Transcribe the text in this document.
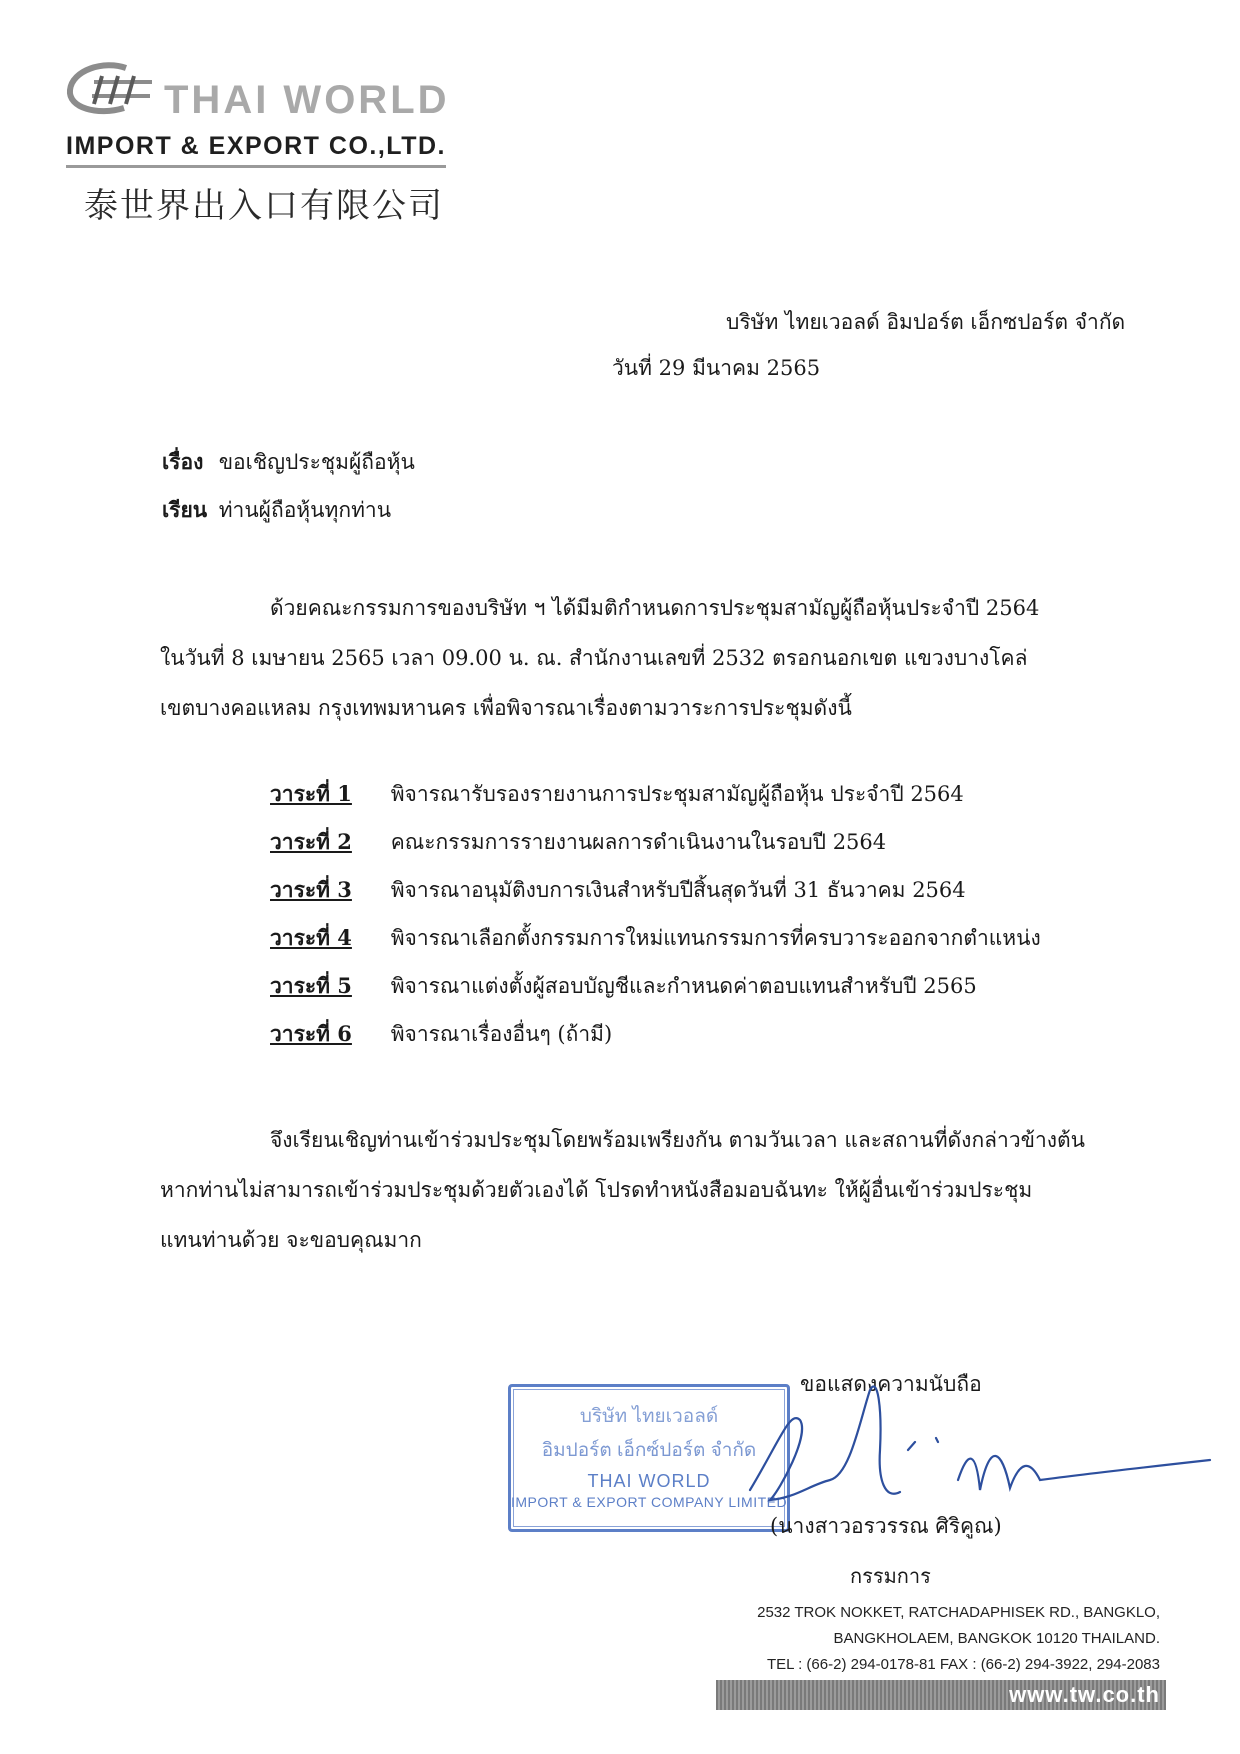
THAI WORLD
IMPORT & EXPORT CO.,LTD.
泰世界出入口有限公司
บริษัท ไทยเวอลด์ อิมปอร์ต เอ็กซปอร์ต จำกัด
วันที่ 29 มีนาคม 2565
เรื่อง ขอเชิญประชุมผู้ถือหุ้น
เรียน ท่านผู้ถือหุ้นทุกท่าน
ด้วยคณะกรรมการของบริษัท ฯ ได้มีมติกำหนดการประชุมสามัญผู้ถือหุ้นประจำปี 2564
ในวันที่ 8 เมษายน 2565 เวลา 09.00 น. ณ. สำนักงานเลขที่ 2532 ตรอกนอกเขต แขวงบางโคล่
เขตบางคอแหลม กรุงเทพมหานคร เพื่อพิจารณาเรื่องตามวาระการประชุมดังนี้
วาระที่ 1 พิจารณารับรองรายงานการประชุมสามัญผู้ถือหุ้น ประจำปี 2564
วาระที่ 2 คณะกรรมการรายงานผลการดำเนินงานในรอบปี 2564
วาระที่ 3 พิจารณาอนุมัติงบการเงินสำหรับปีสิ้นสุดวันที่ 31 ธันวาคม 2564
วาระที่ 4 พิจารณาเลือกตั้งกรรมการใหม่แทนกรรมการที่ครบวาระออกจากตำแหน่ง
วาระที่ 5 พิจารณาแต่งตั้งผู้สอบบัญชีและกำหนดค่าตอบแทนสำหรับปี 2565
วาระที่ 6 พิจารณาเรื่องอื่นๆ (ถ้ามี)
จึงเรียนเชิญท่านเข้าร่วมประชุมโดยพร้อมเพรียงกัน ตามวันเวลา และสถานที่ดังกล่าวข้างต้น
หากท่านไม่สามารถเข้าร่วมประชุมด้วยตัวเองได้ โปรดทำหนังสือมอบฉันทะ ให้ผู้อื่นเข้าร่วมประชุม
แทนท่านด้วย จะขอบคุณมาก
ขอแสดงความนับถือ
บริษัท ไทยเวอลด์
อิมปอร์ต เอ็กซ์ปอร์ต จำกัด
THAI WORLD
IMPORT & EXPORT COMPANY LIMITED
(นางสาวอรวรรณ ศิริคูณ)
กรรมการ
2532 TROK NOKKET, RATCHADAPHISEK RD., BANGKLO,
BANGKHOLAEM, BANGKOK 10120 THAILAND.
TEL : (66-2) 294-0178-81 FAX : (66-2) 294-3922, 294-2083
www.tw.co.th
